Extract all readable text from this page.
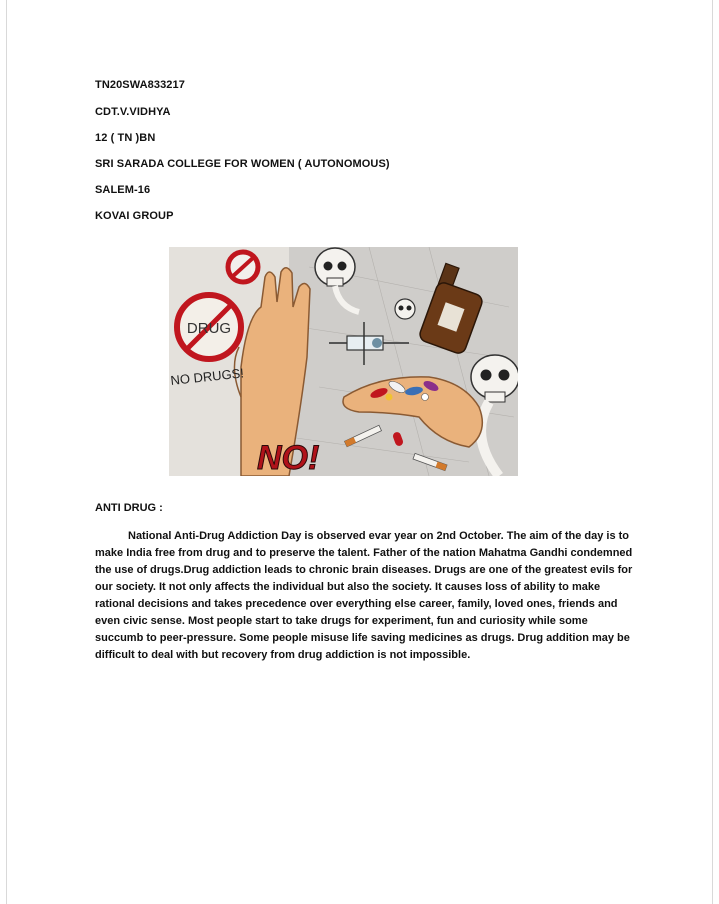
TN20SWA833217
CDT.V.VIDHYA
12 ( TN )BN
SRI SARADA COLLEGE FOR WOMEN ( AUTONOMOUS)
SALEM-16
KOVAI GROUP
DRUG
NO DRUGS!
NO!
ANTI DRUG :

National Anti-Drug Addiction Day is observed evar year on 2nd October. The aim of the day is to make India free from drug and to preserve the talent. Father of the nation Mahatma Gandhi condemned the use of drugs.Drug addiction leads to chronic brain diseases. Drugs are one of the greatest evils for our society. It not only affects the individual but also the society. It causes loss of ability to make rational decisions and takes precedence over everything else career, family, loved ones, friends and even civic sense. Most people start to take drugs for experiment, fun and curiosity while some succumb to peer-pressure. Some people misuse life saving medicines as drugs. Drug addition may be difficult to deal with but recovery from drug addiction is not impossible.
